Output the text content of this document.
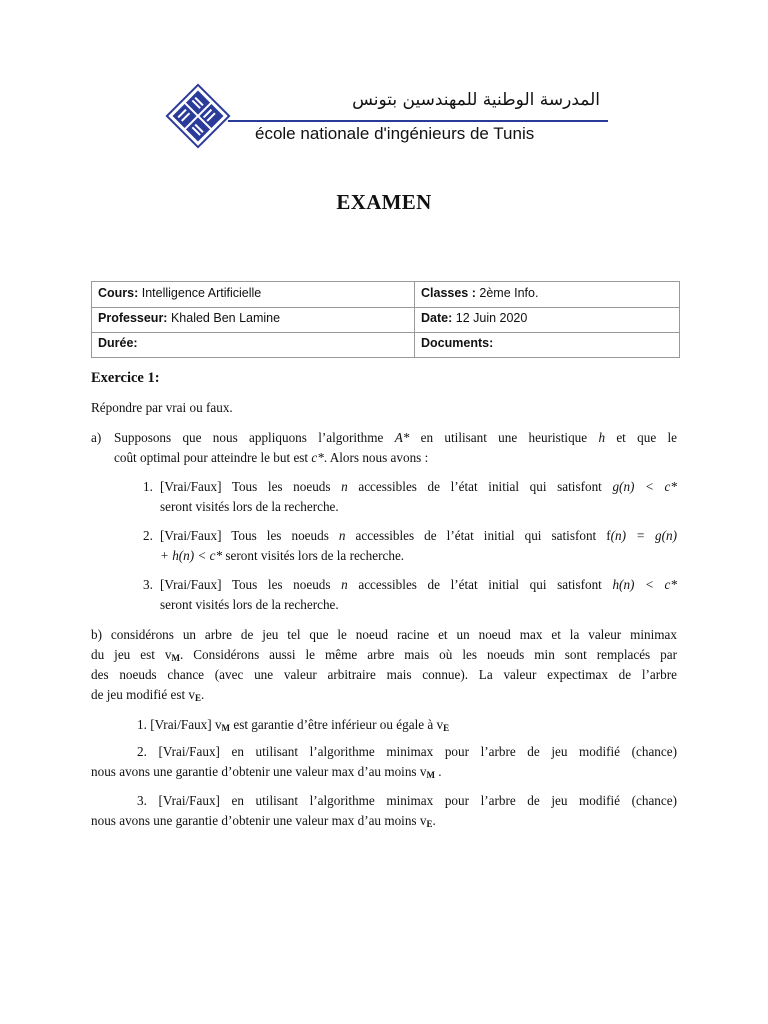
المدرسة الوطنية للمهندسين بتونس
école nationale d'ingénieurs de Tunis
EXAMEN
Cours: Intelligence Artificielle	Classes : 2ème Info.
Professeur: Khaled Ben Lamine	Date: 12 Juin 2020
Durée:	Documents:
Exercice 1:
Répondre par vrai ou faux.
a) Supposons que nous appliquons l’algorithme A* en utilisant une heuristique h et que le
coût optimal pour atteindre le but est c*. Alors nous avons :
1. [Vrai/Faux] Tous les noeuds n accessibles de l’état initial qui satisfont g(n) < c*
seront visités lors de la recherche.
2. [Vrai/Faux] Tous les noeuds n accessibles de l’état initial qui satisfont f(n) = g(n)
+ h(n) < c* seront visités lors de la recherche.
3. [Vrai/Faux] Tous les noeuds n accessibles de l’état initial qui satisfont h(n) < c*
seront visités lors de la recherche.
b) considérons un arbre de jeu tel que le noeud racine et un noeud max et la valeur minimax
du jeu est $v_M$. Considérons aussi le même arbre mais où les noeuds min sont remplacés par
des noeuds chance (avec une valeur arbitraire mais connue). La valeur expectimax de l’arbre
de jeu modifié est $v_E$.
1. [Vrai/Faux] $v_M$ est garantie d’être inférieur ou égale à $v_E$
2. [Vrai/Faux] en utilisant l’algorithme minimax pour l’arbre de jeu modifié (chance)
nous avons une garantie d’obtenir une valeur max d’au moins $v_M$ .
3. [Vrai/Faux] en utilisant l’algorithme minimax pour l’arbre de jeu modifié (chance)
nous avons une garantie d’obtenir une valeur max d’au moins $v_E$.
